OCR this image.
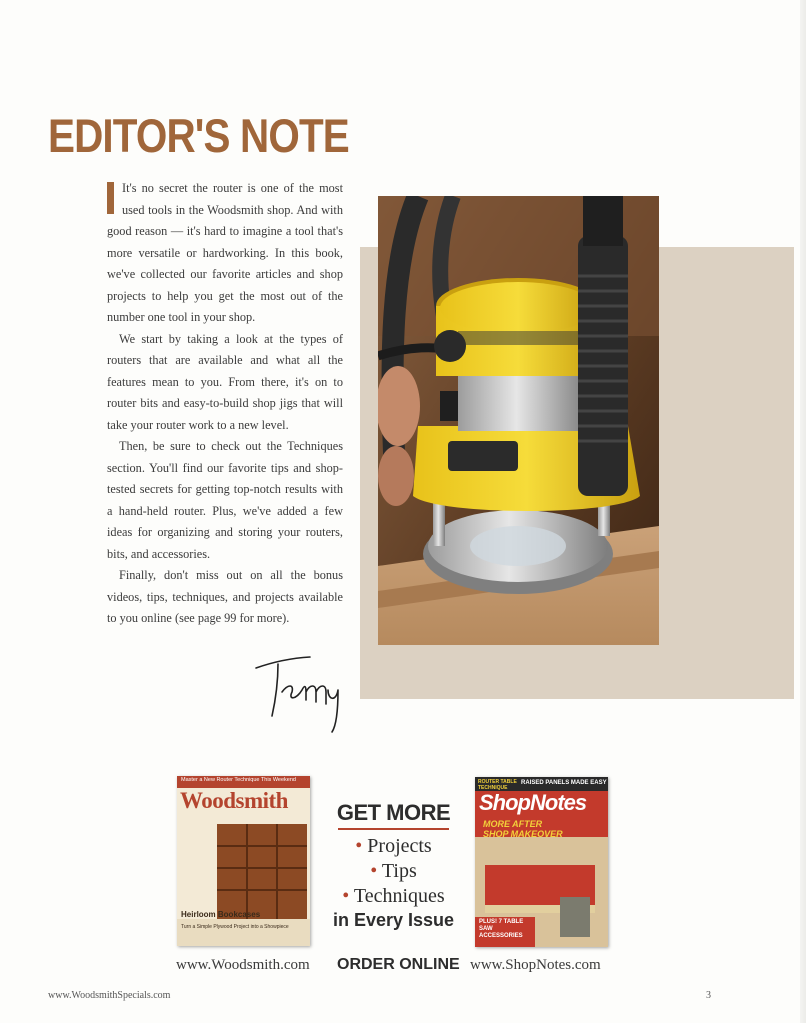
EDITOR'S NOTE

It's no secret the router is one of the most used tools in the Woodsmith shop. And with good reason — it's hard to imagine a tool that's more versatile or hardworking. In this book, we've collected our favorite articles and shop projects to help you get the most out of the number one tool in your shop.

We start by taking a look at the types of routers that are available and what all the features mean to you. From there, it's on to router bits and easy-to-build shop jigs that will take your router work to a new level.

Then, be sure to check out the Techniques section. You'll find our favorite tips and shop-tested secrets for getting top-notch results with a hand-held router. Plus, we've added a few ideas for organizing and storing your routers, bits, and accessories.

Finally, don't miss out on all the bonus videos, tips, techniques, and projects available to you online (see page 99 for more).

Master a New Router Technique This Weekend
Woodsmith
Heirloom Bookcases
Turn a Simple Plywood Project into a Showpiece
GET MORE
• Projects
• Tips
• Techniques
in Every Issue
ROUTER TABLE TECHNIQUE
RAISED PANELS MADE EASY
ShopNotes
MORE AFTER SHOP MAKEOVER
PLUS! 7 TABLE SAW ACCESSORIES
www.Woodsmith.com ORDER ONLINE www.ShopNotes.com
www.WoodsmithSpecials.com	3
